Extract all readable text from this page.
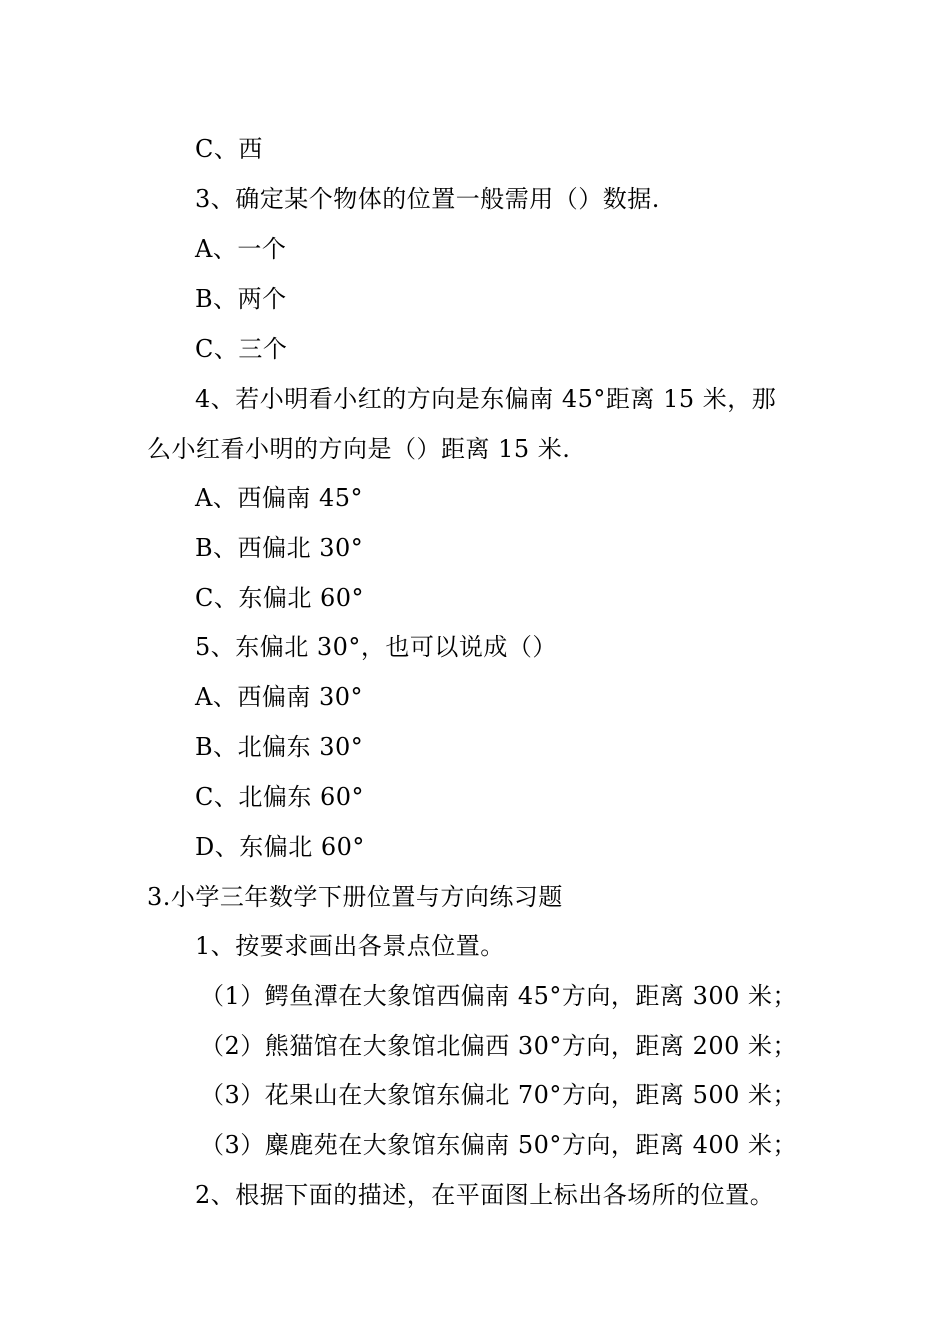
C、西
3、确定某个物体的位置一般需用（）数据.
A、一个
B、两个
C、三个
4、若小明看小红的方向是东偏南 45°距离 15 米，那
么小红看小明的方向是（）距离 15 米.
A、西偏南 45°
B、西偏北 30°
C、东偏北 60°
5、东偏北 30°，也可以说成（）
A、西偏南 30°
B、北偏东 30°
C、北偏东 60°
D、东偏北 60°
3.小学三年数学下册位置与方向练习题
1、按要求画出各景点位置。
（1）鳄鱼潭在大象馆西偏南 45°方向，距离 300 米；
（2）熊猫馆在大象馆北偏西 30°方向，距离 200 米；
（3）花果山在大象馆东偏北 70°方向，距离 500 米；
（3）麋鹿苑在大象馆东偏南 50°方向，距离 400 米；
2、根据下面的描述，在平面图上标出各场所的位置。
